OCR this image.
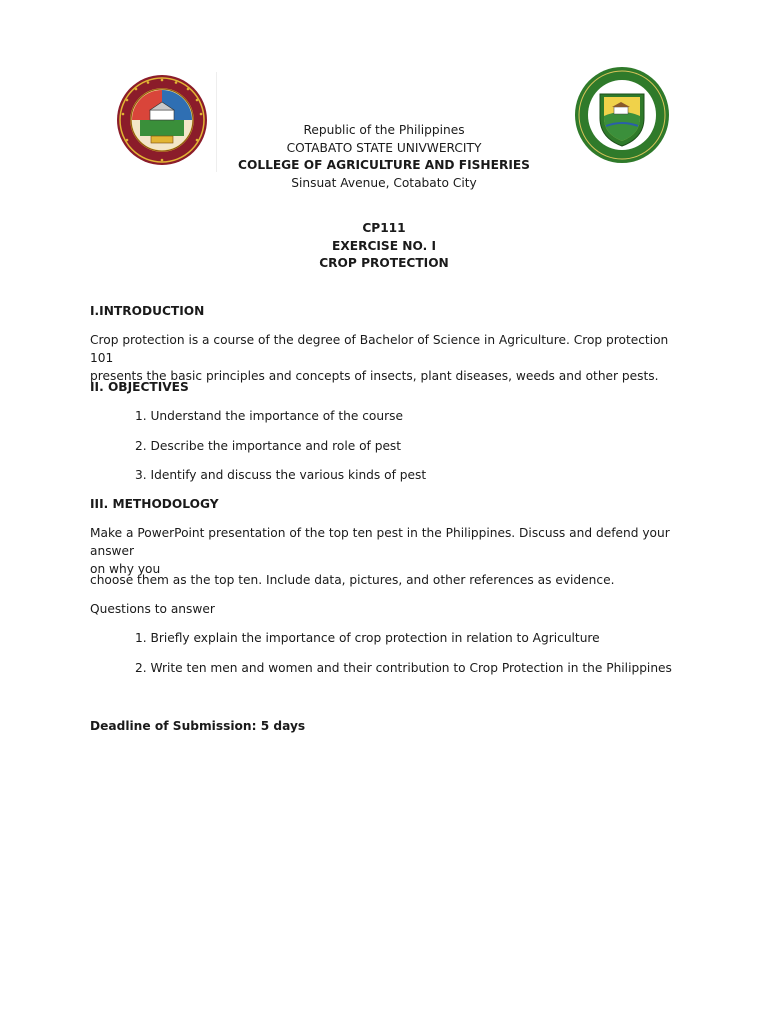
Republic of the Philippines
COTABATO STATE UNIVWERCITY
COLLEGE OF AGRICULTURE AND FISHERIES
Sinsuat Avenue, Cotabato City
CP111
EXERCISE NO. I
CROP PROTECTION
I.INTRODUCTION
Crop protection is a course of the degree of Bachelor of Science in Agriculture. Crop protection 101
presents the basic principles and concepts of insects, plant diseases, weeds and other pests.
II. OBJECTIVES
1. Understand the importance of the course
2. Describe the importance and role of pest
3. Identify and discuss the various kinds of pest
III. METHODOLOGY
Make a PowerPoint presentation of the top ten pest in the Philippines. Discuss and defend your answer
on why you
choose them as the top ten. Include data, pictures, and other references as evidence.
Questions to answer
1. Briefly explain the importance of crop protection in relation to Agriculture
2. Write ten men and women and their contribution to Crop Protection in the Philippines
Deadline of Submission: 5 days
